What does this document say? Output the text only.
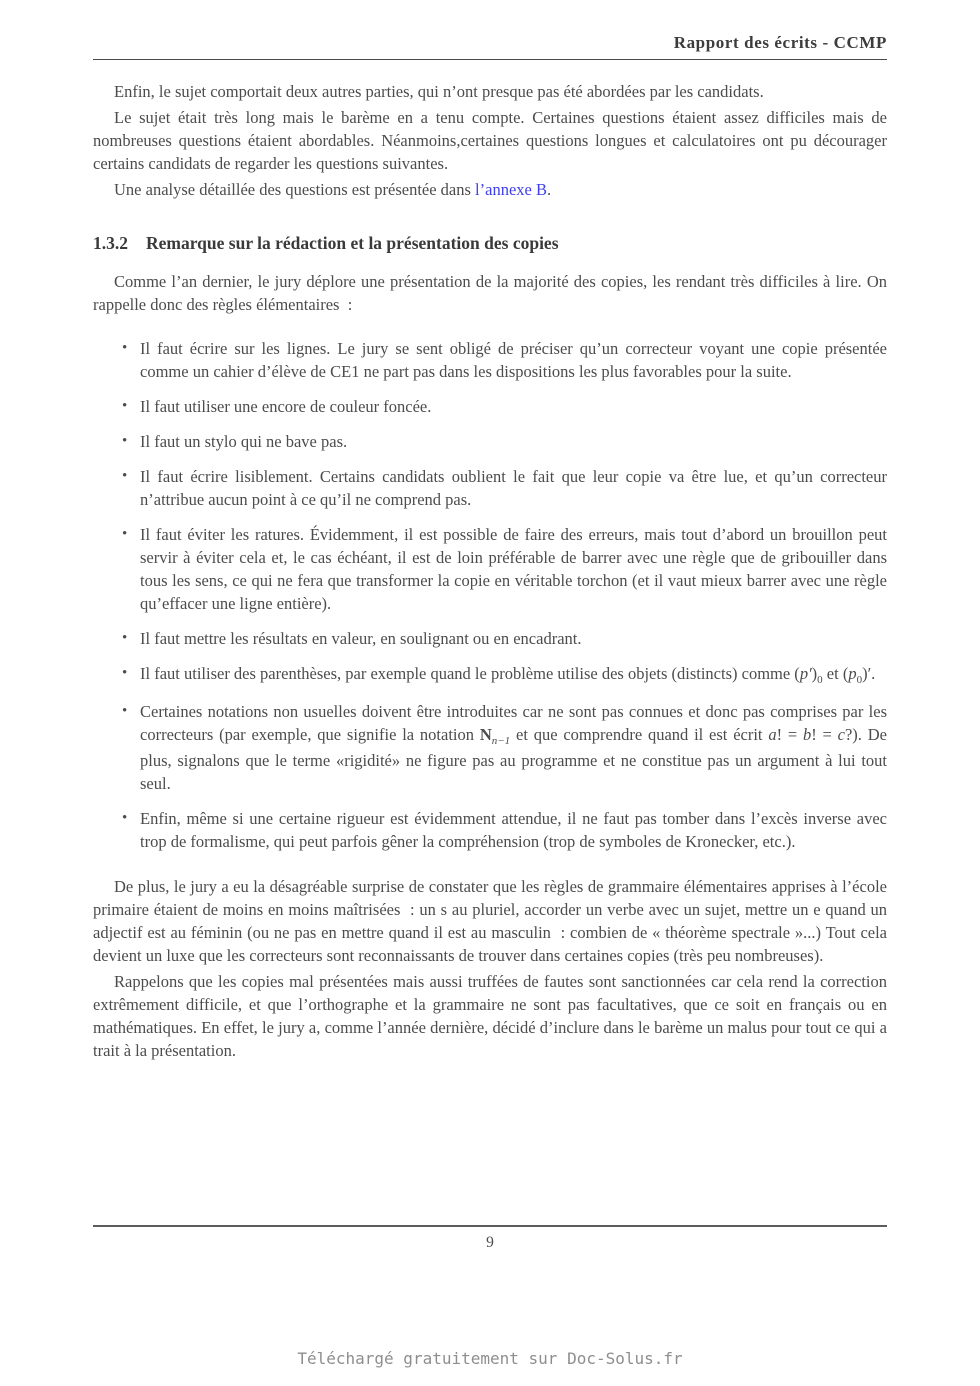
Rapport des écrits - CCMP

Enfin, le sujet comportait deux autres parties, qui n’ont presque pas été abordées par les candidats.

Le sujet était très long mais le barème en a tenu compte. Certaines questions étaient assez difficiles mais de nombreuses questions étaient abordables. Néanmoins,certaines questions longues et calculatoires ont pu décourager certains candidats de regarder les questions suivantes.

Une analyse détaillée des questions est présentée dans l’annexe B.

1.3.2 Remarque sur la rédaction et la présentation des copies

Comme l’an dernier, le jury déplore une présentation de la majorité des copies, les rendant très difficiles à lire. On rappelle donc des règles élémentaires  :

• Il faut écrire sur les lignes. Le jury se sent obligé de préciser qu’un correcteur voyant une copie présentée comme un cahier d’élève de CE1 ne part pas dans les dispositions les plus favorables pour la suite.
• Il faut utiliser une encore de couleur foncée.
• Il faut un stylo qui ne bave pas.
• Il faut écrire lisiblement. Certains candidats oublient le fait que leur copie va être lue, et qu’un correcteur n’attribue aucun point à ce qu’il ne comprend pas.
• Il faut éviter les ratures. Évidemment, il est possible de faire des erreurs, mais tout d’abord un brouillon peut servir à éviter cela et, le cas échéant, il est de loin préférable de barrer avec une règle que de gribouiller dans tous les sens, ce qui ne fera que transformer la copie en véritable torchon (et il vaut mieux barrer avec une règle qu’effacer une ligne entière).
• Il faut mettre les résultats en valeur, en soulignant ou en encadrant.
• Il faut utiliser des parenthèses, par exemple quand le problème utilise des objets (distincts) comme $(p')_0$ et $(p_0)'$.
• Certaines notations non usuelles doivent être introduites car ne sont pas connues et donc pas comprises par les correcteurs (par exemple, que signifie la notation $N_{n-1}$ et que comprendre quand il est écrit a! = b! = c?). De plus, signalons que le terme «rigidité» ne figure pas au programme et ne constitue pas un argument à lui tout seul.
• Enfin, même si une certaine rigueur est évidemment attendue, il ne faut pas tomber dans l’excès inverse avec trop de formalisme, qui peut parfois gêner la compréhension (trop de symboles de Kronecker, etc.).

De plus, le jury a eu la désagréable surprise de constater que les règles de grammaire élémentaires apprises à l’école primaire étaient de moins en moins maîtrisées  : un s au pluriel, accorder un verbe avec un sujet, mettre un e quand un adjectif est au féminin (ou ne pas en mettre quand il est au masculin  : combien de « théorème spectrale »...) Tout cela devient un luxe que les correcteurs sont reconnaissants de trouver dans certaines copies (très peu nombreuses).

Rappelons que les copies mal présentées mais aussi truffées de fautes sont sanctionnées car cela rend la correction extrêmement difficile, et que l’orthographe et la grammaire ne sont pas facultatives, que ce soit en français ou en mathématiques. En effet, le jury a, comme l’année dernière, décidé d’inclure dans le barème un malus pour tout ce qui a trait à la présentation.

9
Téléchargé gratuitement sur Doc-Solus.fr
